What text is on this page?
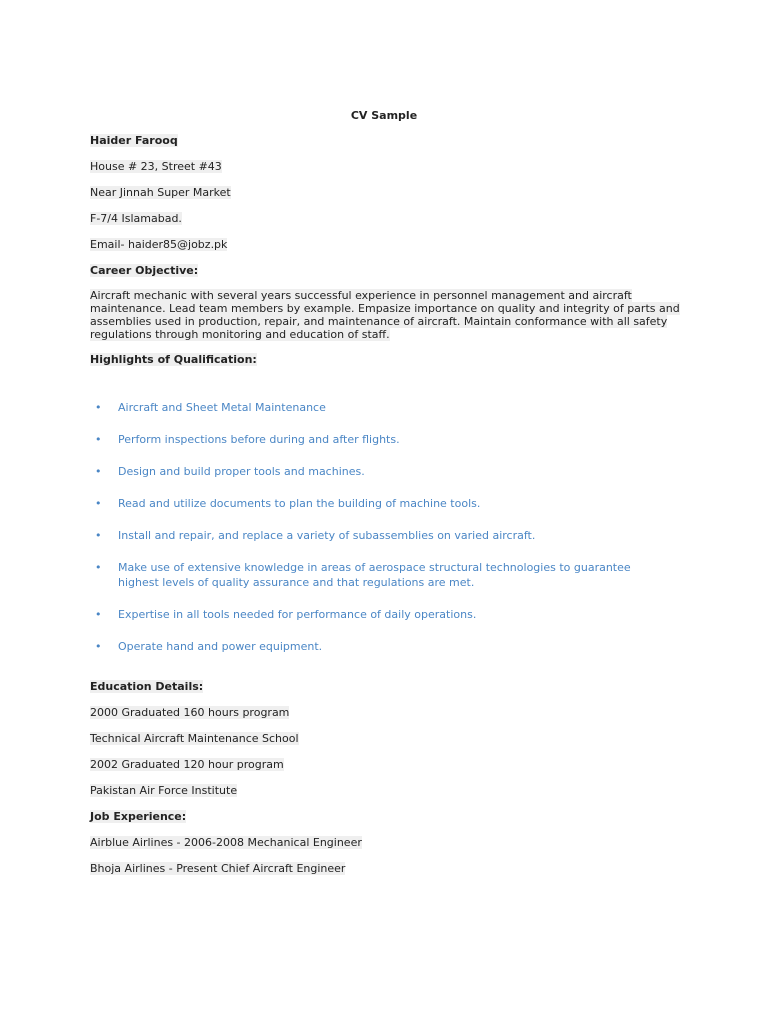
CV Sample
Haider Farooq
House # 23, Street #43
Near Jinnah Super Market
F-7/4 Islamabad.
Email- haider85@jobz.pk
Career Objective:
Aircraft mechanic with several years successful experience in personnel management and aircraft
maintenance. Lead team members by example. Empasize importance on quality and integrity of parts and
assemblies used in production, repair, and maintenance of aircraft. Maintain conformance with all safety
regulations through monitoring and education of staff.
Highlights of Qualification:
• Aircraft and Sheet Metal Maintenance
• Perform inspections before during and after flights.
• Design and build proper tools and machines.
• Read and utilize documents to plan the building of machine tools.
• Install and repair, and replace a variety of subassemblies on varied aircraft.
• Make use of extensive knowledge in areas of aerospace structural technologies to guarantee highest levels of quality assurance and that regulations are met.
• Expertise in all tools needed for performance of daily operations.
• Operate hand and power equipment.
Education Details:
2000 Graduated 160 hours program
Technical Aircraft Maintenance School
2002 Graduated 120 hour program
Pakistan Air Force Institute
Job Experience:
Airblue Airlines - 2006-2008 Mechanical Engineer
Bhoja Airlines - Present Chief Aircraft Engineer
